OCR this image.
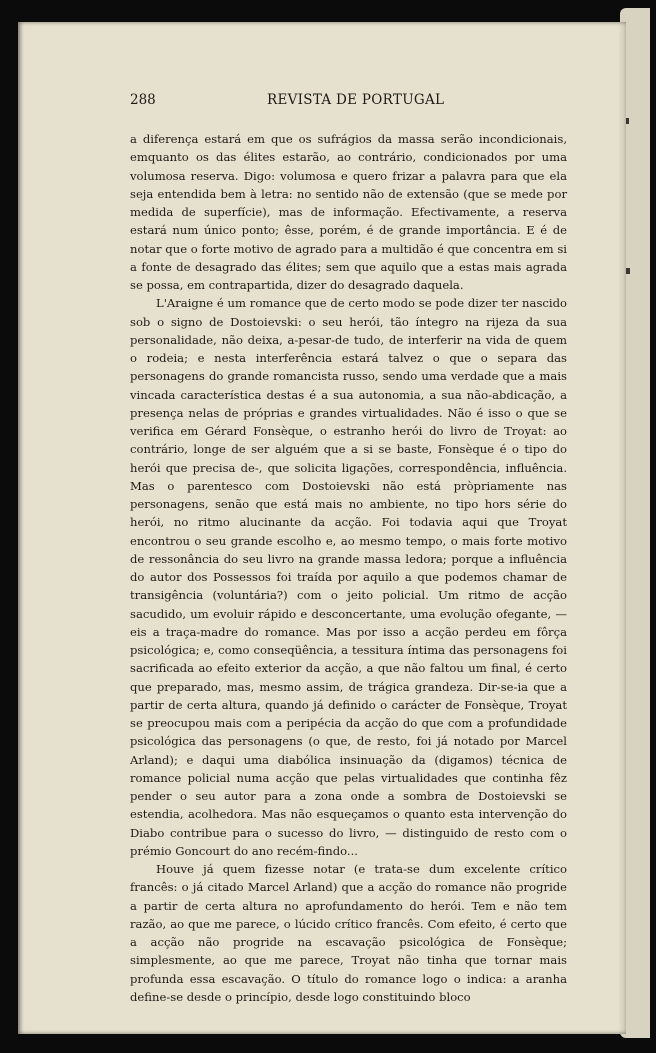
288	REVISTA DE PORTUGAL

a diferença estará em que os sufrágios da massa serão incondicionais, emquanto os das élites estarão, ao contrário, condicionados por uma volumosa reserva. Digo: volumosa e quero frizar a palavra para que ela seja entendida bem à letra: no sentido não de extensão (que se mede por medida de superfície), mas de informação. Efectivamente, a reserva estará num único ponto; êsse, porém, é de grande importância. E é de notar que o forte motivo de agrado para a multidão é que concentra em si a fonte de desagrado das élites; sem que aquilo que a estas mais agrada se possa, em contrapartida, dizer do desagrado daquela.

L'Araigne é um romance que de certo modo se pode dizer ter nascido sob o signo de Dostoievski: o seu herói, tão íntegro na rijeza da sua personalidade, não deixa, a-pesar-de tudo, de interferir na vida de quem o rodeia; e nesta interferência estará talvez o que o separa das personagens do grande romancista russo, sendo uma verdade que a mais vincada característica destas é a sua autonomia, a sua não-abdicação, a presença nelas de próprias e grandes virtualidades. Não é isso o que se verifica em Gérard Fonsèque, o estranho herói do livro de Troyat: ao contrário, longe de ser alguém que a si se baste, Fonsèque é o tipo do herói que precisa de-, que solicita ligações, correspondência, influência. Mas o parentesco com Dostoievski não está pròpriamente nas personagens, senão que está mais no ambiente, no tipo hors série do herói, no ritmo alucinante da acção. Foi todavia aqui que Troyat encontrou o seu grande escolho e, ao mesmo tempo, o mais forte motivo de ressonância do seu livro na grande massa ledora; porque a influência do autor dos Possessos foi traída por aquilo a que podemos chamar de transigência (voluntária?) com o jeito policial. Um ritmo de acção sacudido, um evoluir rápido e desconcertante, uma evolução ofegante, — eis a traça-madre do romance. Mas por isso a acção perdeu em fôrça psicológica; e, como conseqüência, a tessitura íntima das personagens foi sacrificada ao efeito exterior da acção, a que não faltou um final, é certo que preparado, mas, mesmo assim, de trágica grandeza. Dir-se-ia que a partir de certa altura, quando já definido o carácter de Fonsèque, Troyat se preocupou mais com a peripécia da acção do que com a profundidade psicológica das personagens (o que, de resto, foi já notado por Marcel Arland); e daqui uma diabólica insinuação da (digamos) técnica de romance policial numa acção que pelas virtualidades que continha fêz pender o seu autor para a zona onde a sombra de Dostoievski se estendia, acolhedora. Mas não esqueçamos o quanto esta intervenção do Diabo contribue para o sucesso do livro, — distinguido de resto com o prémio Goncourt do ano recém-findo...

Houve já quem fizesse notar (e trata-se dum excelente crítico francês: o já citado Marcel Arland) que a acção do romance não progride a partir de certa altura no aprofundamento do herói. Tem e não tem razão, ao que me parece, o lúcido crítico francês. Com efeito, é certo que a acção não progride na escavação psicológica de Fonsèque; simplesmente, ao que me parece, Troyat não tinha que tornar mais profunda essa escavação. O título do romance logo o indica: a aranha define-se desde o princípio, desde logo constituindo bloco
